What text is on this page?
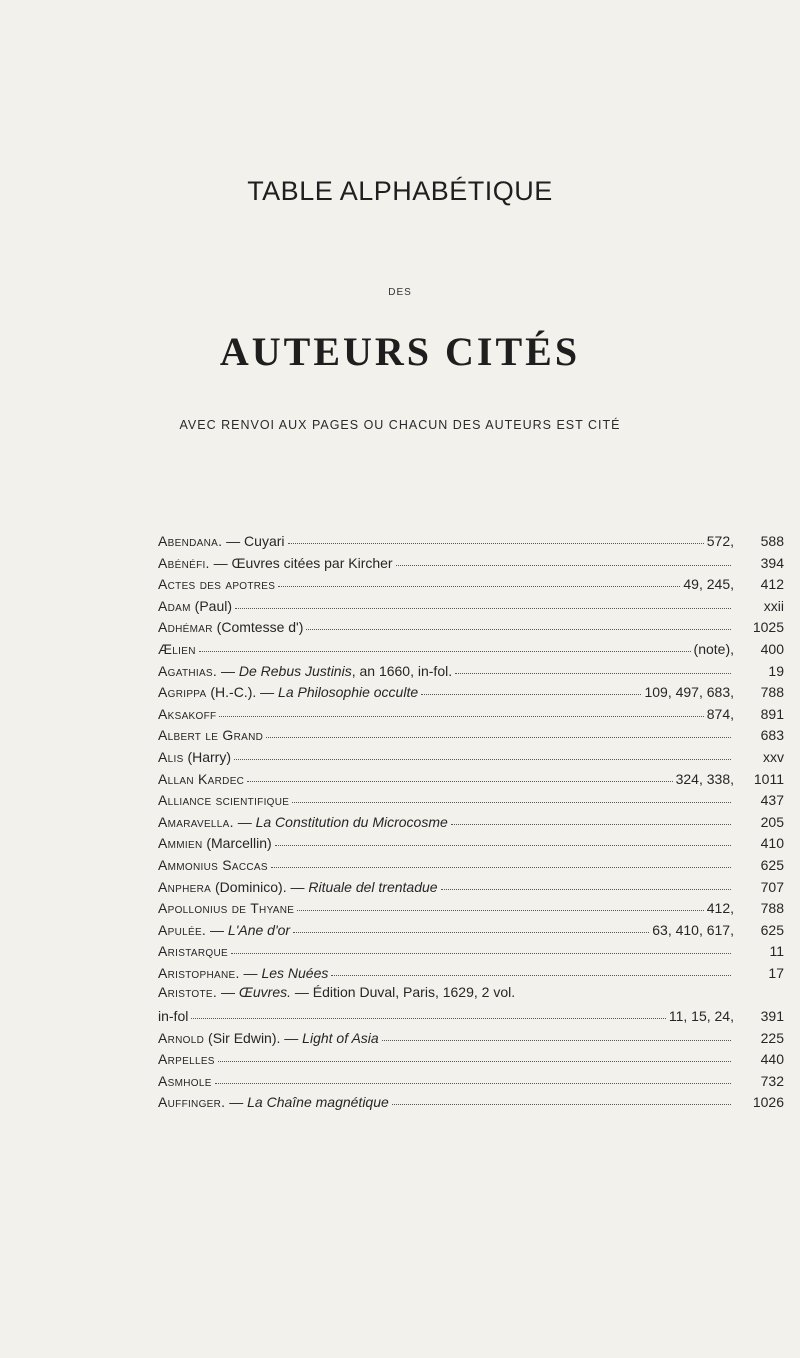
TABLE ALPHABÉTIQUE
DES
AUTEURS CITÉS
AVEC RENVOI AUX PAGES OU CHACUN DES AUTEURS EST CITÉ
Abendana. — Cuyari	572,	588
Abénéfi. — Œuvres citées par Kircher	394
Actes des apotres	49, 245,	412
Adam (Paul)	xxii
Adhémar (Comtesse d')	1025
Ælien	(note),	400
Agathias. — De Rebus Justinis, an 1660, in-fol.	19
Agrippa (H.-C.). — La Philosophie occulte	109, 497, 683,	788
Aksakoff	874,	891
Albert le Grand	683
Alis (Harry)	xxv
Allan Kardec	324, 338,	1011
Alliance scientifique	437
Amaravella. — La Constitution du Microcosme	205
Ammien (Marcellin)	410
Ammonius Saccas	625
Anphera (Dominico). — Rituale del trentadue	707
Apollonius de Thyane	412,	788
Apulée. — L'Ane d'or	63, 410, 617,	625
Aristarque	11
Aristophane. — Les Nuées	17
Aristote. — Œuvres. — Édition Duval, Paris, 1629, 2 vol.
in-fol	11, 15, 24,	391
Arnold (Sir Edwin). — Light of Asia	225
Arpelles	440
Asmhole	732
Auffinger. — La Chaîne magnétique	1026
